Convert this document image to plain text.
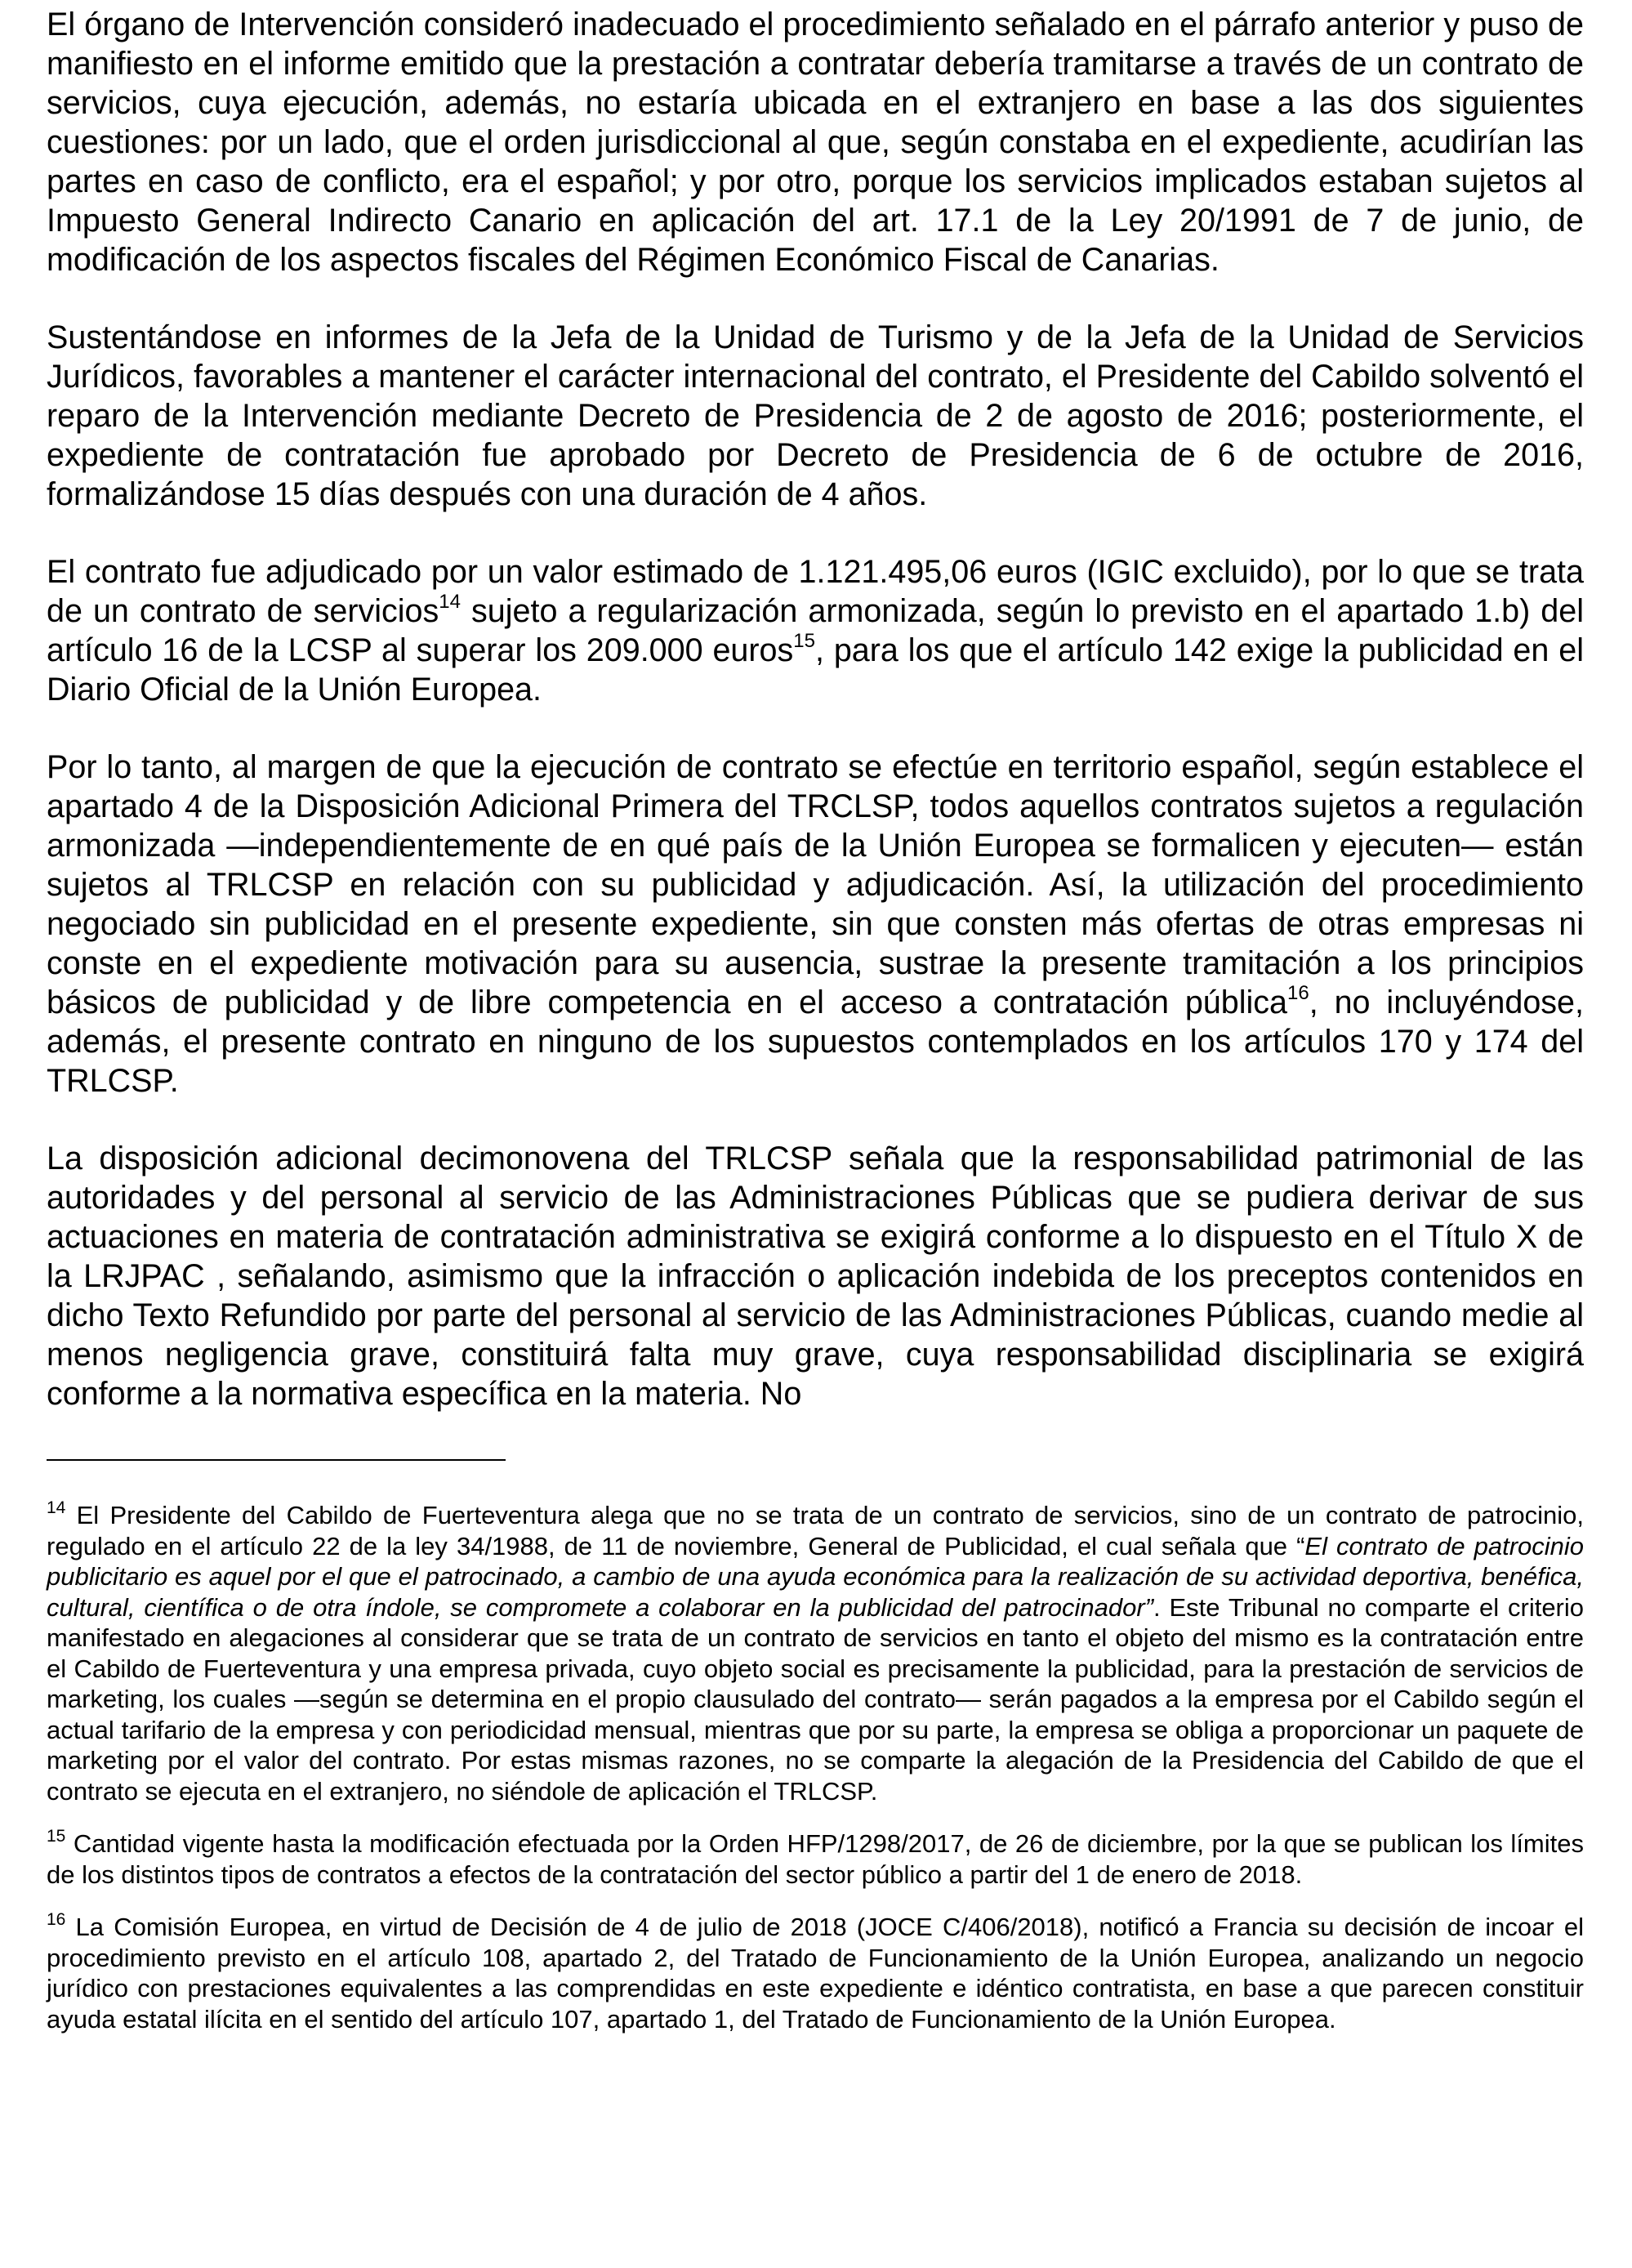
El órgano de Intervención consideró inadecuado el procedimiento señalado en el párrafo anterior y puso de manifiesto en el informe emitido que la prestación a contratar debería tramitarse a través de un contrato de servicios, cuya ejecución, además, no estaría ubicada en el extranjero en base a las dos siguientes cuestiones: por un lado, que el orden jurisdiccional al que, según constaba en el expediente, acudirían las partes en caso de conflicto, era el español; y por otro, porque los servicios implicados estaban sujetos al Impuesto General Indirecto Canario en aplicación del art. 17.1 de la Ley 20/1991 de 7 de junio, de modificación de los aspectos fiscales del Régimen Económico Fiscal de Canarias.

Sustentándose en informes de la Jefa de la Unidad de Turismo y de la Jefa de la Unidad de Servicios Jurídicos, favorables a mantener el carácter internacional del contrato, el Presidente del Cabildo solventó el reparo de la Intervención mediante Decreto de Presidencia de 2 de agosto de 2016; posteriormente, el expediente de contratación fue aprobado por Decreto de Presidencia de 6 de octubre de 2016, formalizándose 15 días después con una duración de 4 años.

El contrato fue adjudicado por un valor estimado de 1.121.495,06 euros (IGIC excluido), por lo que se trata de un contrato de servicios$^{14}$ sujeto a regularización armonizada, según lo previsto en el apartado 1.b) del artículo 16 de la LCSP al superar los 209.000 euros$^{15}$, para los que el artículo 142 exige la publicidad en el Diario Oficial de la Unión Europea.

Por lo tanto, al margen de que la ejecución de contrato se efectúe en territorio español, según establece el apartado 4 de la Disposición Adicional Primera del TRCLSP, todos aquellos contratos sujetos a regulación armonizada —independientemente de en qué país de la Unión Europea se formalicen y ejecuten— están sujetos al TRLCSP en relación con su publicidad y adjudicación. Así, la utilización del procedimiento negociado sin publicidad en el presente expediente, sin que consten más ofertas de otras empresas ni conste en el expediente motivación para su ausencia, sustrae la presente tramitación a los principios básicos de publicidad y de libre competencia en el acceso a contratación pública$^{16}$, no incluyéndose, además, el presente contrato en ninguno de los supuestos contemplados en los artículos 170 y 174 del TRLCSP.

La disposición adicional decimonovena del TRLCSP señala que la responsabilidad patrimonial de las autoridades y del personal al servicio de las Administraciones Públicas que se pudiera derivar de sus actuaciones en materia de contratación administrativa se exigirá conforme a lo dispuesto en el Título X de la LRJPAC , señalando, asimismo que la infracción o aplicación indebida de los preceptos contenidos en dicho Texto Refundido por parte del personal al servicio de las Administraciones Públicas, cuando medie al menos negligencia grave, constituirá falta muy grave, cuya responsabilidad disciplinaria se exigirá conforme a la normativa específica en la materia. No

$^{14}$ El Presidente del Cabildo de Fuerteventura alega que no se trata de un contrato de servicios, sino de un contrato de patrocinio, regulado en el artículo 22 de la ley 34/1988, de 11 de noviembre, General de Publicidad, el cual señala que “El contrato de patrocinio publicitario es aquel por el que el patrocinado, a cambio de una ayuda económica para la realización de su actividad deportiva, benéfica, cultural, científica o de otra índole, se compromete a colaborar en la publicidad del patrocinador”. Este Tribunal no comparte el criterio manifestado en alegaciones al considerar que se trata de un contrato de servicios en tanto el objeto del mismo es la contratación entre el Cabildo de Fuerteventura y una empresa privada, cuyo objeto social es precisamente la publicidad, para la prestación de servicios de marketing, los cuales —según se determina en el propio clausulado del contrato— serán pagados a la empresa por el Cabildo según el actual tarifario de la empresa y con periodicidad mensual, mientras que por su parte, la empresa se obliga a proporcionar un paquete de marketing por el valor del contrato. Por estas mismas razones, no se comparte la alegación de la Presidencia del Cabildo de que el contrato se ejecuta en el extranjero, no siéndole de aplicación el TRLCSP.

$^{15}$ Cantidad vigente hasta la modificación efectuada por la Orden HFP/1298/2017, de 26 de diciembre, por la que se publican los límites de los distintos tipos de contratos a efectos de la contratación del sector público a partir del 1 de enero de 2018.

$^{16}$ La Comisión Europea, en virtud de Decisión de 4 de julio de 2018 (JOCE C/406/2018), notificó a Francia su decisión de incoar el procedimiento previsto en el artículo 108, apartado 2, del Tratado de Funcionamiento de la Unión Europea, analizando un negocio jurídico con prestaciones equivalentes a las comprendidas en este expediente e idéntico contratista, en base a que parecen constituir ayuda estatal ilícita en el sentido del artículo 107, apartado 1, del Tratado de Funcionamiento de la Unión Europea.
